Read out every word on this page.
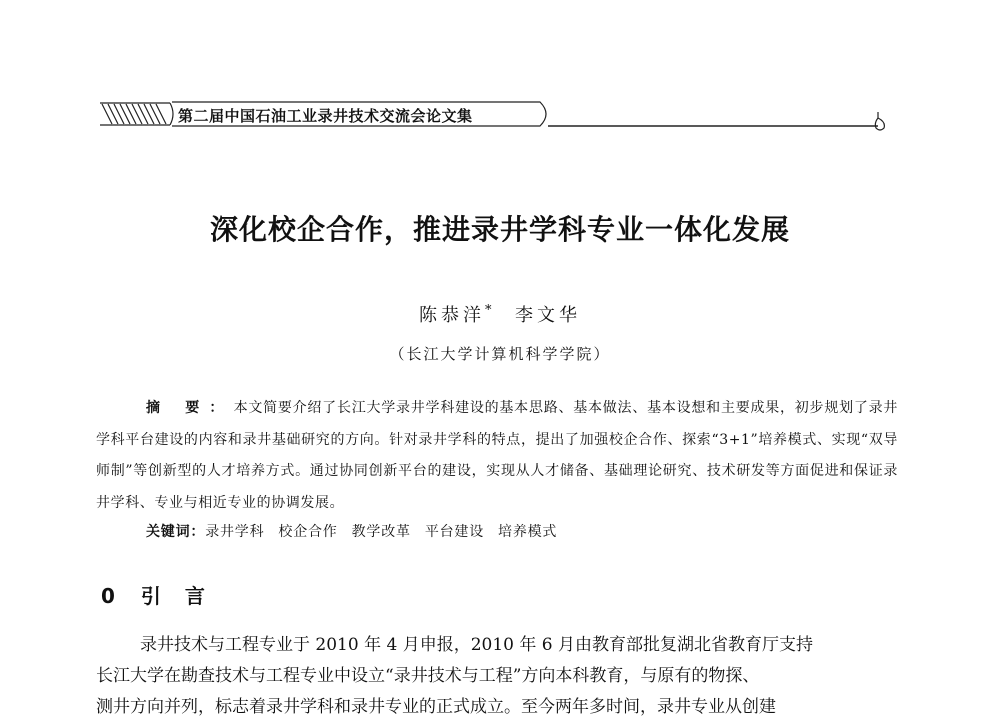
第二届中国石油工业录井技术交流会论文集
深化校企合作，推进录井学科专业一体化发展
陈恭洋* 李文华
（长江大学计算机科学学院）
摘 要：本文简要介绍了长江大学录井学科建设的基本思路、基本做法、基本设想和主要成果，初步规划了录井学科平台建设的内容和录井基础研究的方向。针对录井学科的特点，提出了加强校企合作、探索“3+1”培养模式、实现“双导师制”等创新型的人才培养方式。通过协同创新平台的建设，实现从人才储备、基础理论研究、技术研发等方面促进和保证录井学科、专业与相近专业的协调发展。
关键词：录井学科 校企合作 教学改革 平台建设 培养模式
0 引言

录井技术与工程专业于 2010 年 4 月申报，2010 年 6 月由教育部批复湖北省教育厅支持
长江大学在勘查技术与工程专业中设立“录井技术与工程”方向本科教育，与原有的物探、
测井方向并列，标志着录井学科和录井专业的正式成立。至今两年多时间，录井专业从创建
